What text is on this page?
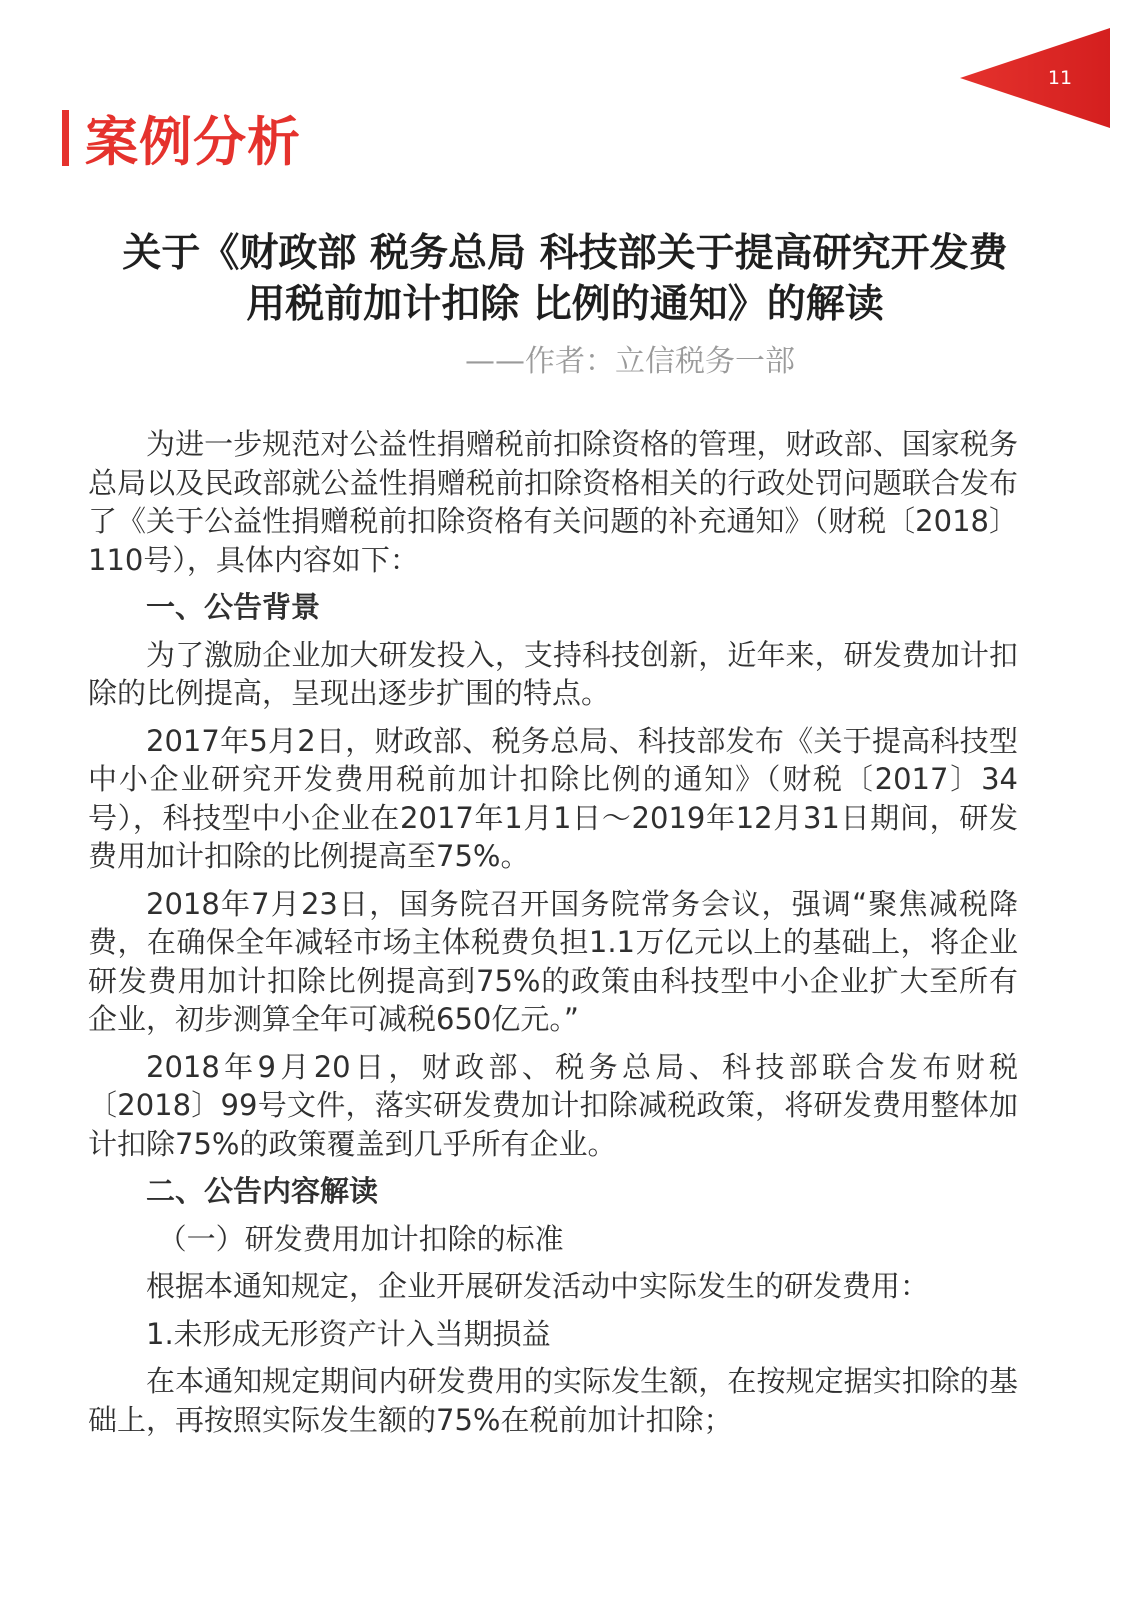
11
案例分析
关于《财政部 税务总局 科技部关于提高研究开发费
用税前加计扣除 比例的通知》的解读
——作者：立信税务一部

为进一步规范对公益性捐赠税前扣除资格的管理，财政部、国家税务总局以及民政部就公益性捐赠税前扣除资格相关的行政处罚问题联合发布了《关于公益性捐赠税前扣除资格有关问题的补充通知》（财税〔2018〕110号），具体内容如下：

一、公告背景

为了激励企业加大研发投入，支持科技创新，近年来，研发费加计扣除的比例提高，呈现出逐步扩围的特点。

2017年5月2日，财政部、税务总局、科技部发布《关于提高科技型中小企业研究开发费用税前加计扣除比例的通知》（财税〔2017〕34号），科技型中小企业在2017年1月1日～2019年12月31日期间，研发费用加计扣除的比例提高至75%。

2018年7月23日，国务院召开国务院常务会议，强调“聚焦减税降费，在确保全年减轻市场主体税费负担1.1万亿元以上的基础上，将企业研发费用加计扣除比例提高到75%的政策由科技型中小企业扩大至所有企业，初步测算全年可减税650亿元。”

2018年9月20日，财政部、税务总局、科技部联合发布财税〔2018〕99号文件，落实研发费加计扣除减税政策，将研发费用整体加计扣除75%的政策覆盖到几乎所有企业。

二、公告内容解读
（一）研发费用加计扣除的标准

根据本通知规定，企业开展研发活动中实际发生的研发费用：

1.未形成无形资产计入当期损益

在本通知规定期间内研发费用的实际发生额，在按规定据实扣除的基础上，再按照实际发生额的75%在税前加计扣除；
